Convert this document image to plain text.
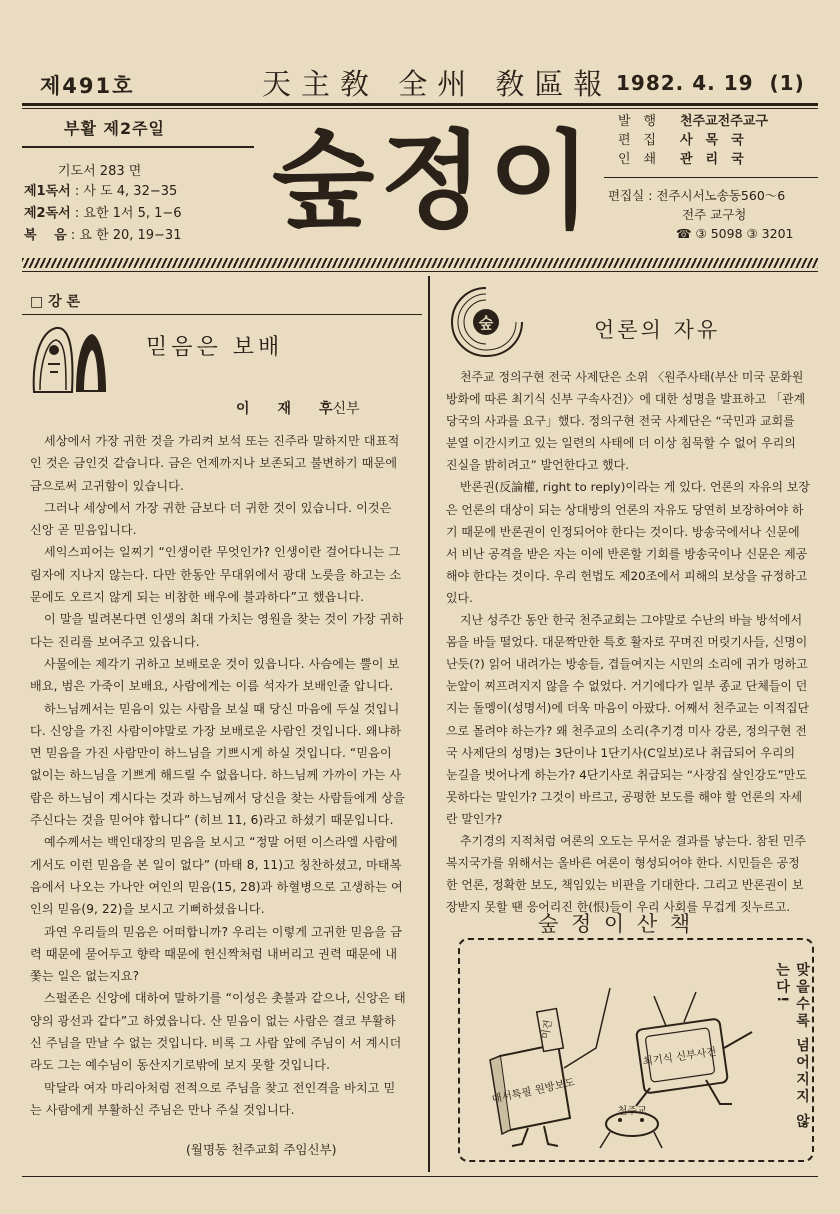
제491호	天主敎 全州 敎區報 1982. 4. 19 (1)
부활 제2주일
기도서 283 면
제1독서 : 사 도 4, 32−35
제2독서 : 요한 1서 5, 1−6
복　 음 : 요 한 20, 19−31 숲정이 발　행 천주교전주교구
편　집 사　목　국
인　쇄 관　리　국
편집실 : 전주시서노송동560〜6
전주 교구청
☎ ③ 5098 ③ 3201
□ 강 론
믿음은 보배
이　　재　　후신부

세상에서 가장 귀한 것을 가리켜 보석 또는 진주라 말하지만 대표적인 것은 금인것 같습니다. 금은 언제까지나 보존되고 불변하기 때문에 금으로써 고귀함이 있습니다.

그러나 세상에서 가장 귀한 금보다 더 귀한 것이 있습니다. 이것은 신앙 곧 믿음입니다.

세익스피어는 일찌기 “인생이란 무엇인가? 인생이란 걸어다니는 그림자에 지나지 않는다. 다만 한동안 무대위에서 광대 노릇을 하고는 소문에도 오르지 않게 되는 비참한 배우에 불과하다”고 했읍니다.

이 말을 빌려본다면 인생의 최대 가치는 영원을 찾는 것이 가장 귀하다는 진리를 보여주고 있읍니다.

사물에는 제각기 귀하고 보배로운 것이 있읍니다. 사슴에는 뿔이 보배요, 범은 가죽이 보배요, 사람에게는 이름 석자가 보배인줄 압니다.

하느님께서는 믿음이 있는 사람을 보실 때 당신 마음에 두실 것입니다. 신앙을 가진 사람이야말로 가장 보배로운 사람인 것입니다. 왜냐하면 믿음을 가진 사람만이 하느님을 기쁘시게 하실 것입니다. “믿음이 없이는 하느님을 기쁘게 해드릴 수 없읍니다. 하느님께 가까이 가는 사람은 하느님이 계시다는 것과 하느님께서 당신을 찾는 사람들에게 상을 주신다는 것을 믿어야 합니다” (히브 11, 6)라고 하셨기 때문입니다.

예수께서는 백인대장의 믿음을 보시고 “정말 어떤 이스라엘 사람에게서도 이런 믿음을 본 일이 없다” (마태 8, 11)고 칭찬하셨고, 마태복음에서 나오는 가나안 여인의 믿음(15, 28)과 하혈병으로 고생하는 여인의 믿음(9, 22)을 보시고 기뻐하셨읍니다.

과연 우리들의 믿음은 어떠합니까? 우리는 이렇게 고귀한 믿음을 금력 때문에 묻어두고 향락 때문에 헌신짝처럼 내버리고 권력 때문에 내쫓는 일은 없는지요?

스펄존은 신앙에 대하여 말하기를 “이성은 촛불과 같으나, 신앙은 태양의 광선과 같다”고 하였읍니다. 산 믿음이 없는 사람은 결코 부활하신 주님을 만날 수 없는 것입니다. 비록 그 사람 앞에 주님이 서 계시더라도 그는 예수님이 동산지기로밖에 보지 못할 것입니다.

막달라 여자 마리아처럼 전적으로 주님을 찾고 전인격을 바치고 믿는 사람에게 부활하신 주님은 만나 주실 것입니다.

(월명동 천주교회 주임신부)
숲	언론의 자유

천주교 정의구현 전국 사제단은 소위 〈원주사태(부산 미국 문화원 방화에 따른 최기식 신부 구속사건)〉에 대한 성명을 발표하고 「관계 당국의 사과를 요구」했다. 정의구현 전국 사제단은 “국민과 교회를 분열 이간시키고 있는 일련의 사태에 더 이상 침묵할 수 없어 우리의 진실을 밝히려고” 발언한다고 했다.

반론권(反論權, right to reply)이라는 게 있다. 언론의 자유의 보장은 언론의 대상이 되는 상대방의 언론의 자유도 당연히 보장하여야 하기 때문에 반론권이 인정되어야 한다는 것이다. 방송국에서나 신문에서 비난 공격을 받은 자는 이에 반론할 기회를 방송국이나 신문은 제공해야 한다는 것이다. 우리 헌법도 제20조에서 피해의 보상을 규정하고 있다.

지난 성주간 동안 한국 천주교회는 그야말로 수난의 바늘 방석에서 몸을 바들 떨었다. 대문짝만한 특호 활자로 꾸며진 머릿기사들, 신명이 난듯(?) 읽어 내려가는 방송들, 겹들여지는 시민의 소리에 귀가 멍하고 눈앞이 찌프려지지 않을 수 없었다. 거기에다가 일부 종교 단체들이 던지는 돌멩이(성명서)에 더욱 마음이 아팠다. 어째서 천주교는 이적집단으로 몰려야 하는가? 왜 천주교의 소리(추기경 미사 강론, 정의구현 전국 사제단의 성명)는 3단이나 1단기사(C일보)로나 취급되어 우리의 눈길을 벗어나게 하는가? 4단기사로 취급되는 “사장집 살인강도”만도 못하다는 말인가? 그것이 바르고, 공평한 보도를 해야 할 언론의 자세란 말인가?

추기경의 지적처럼 여론의 오도는 무서운 결과를 낳는다. 참된 민주복지국가를 위해서는 올바른 여론이 형성되어야 한다. 시민들은 공정한 언론, 정확한 보도, 책임있는 비판을 기대한다. 그리고 반론권이 보장받지 못할 땐 응어리진 한(恨)들이 우리 사회를 무겁게 짓누르고.

숲 정 이 산 책
미건
대서특필 원방보도
최기식 신부사건
천주교	맞을수록 넘어지지 않는다!
